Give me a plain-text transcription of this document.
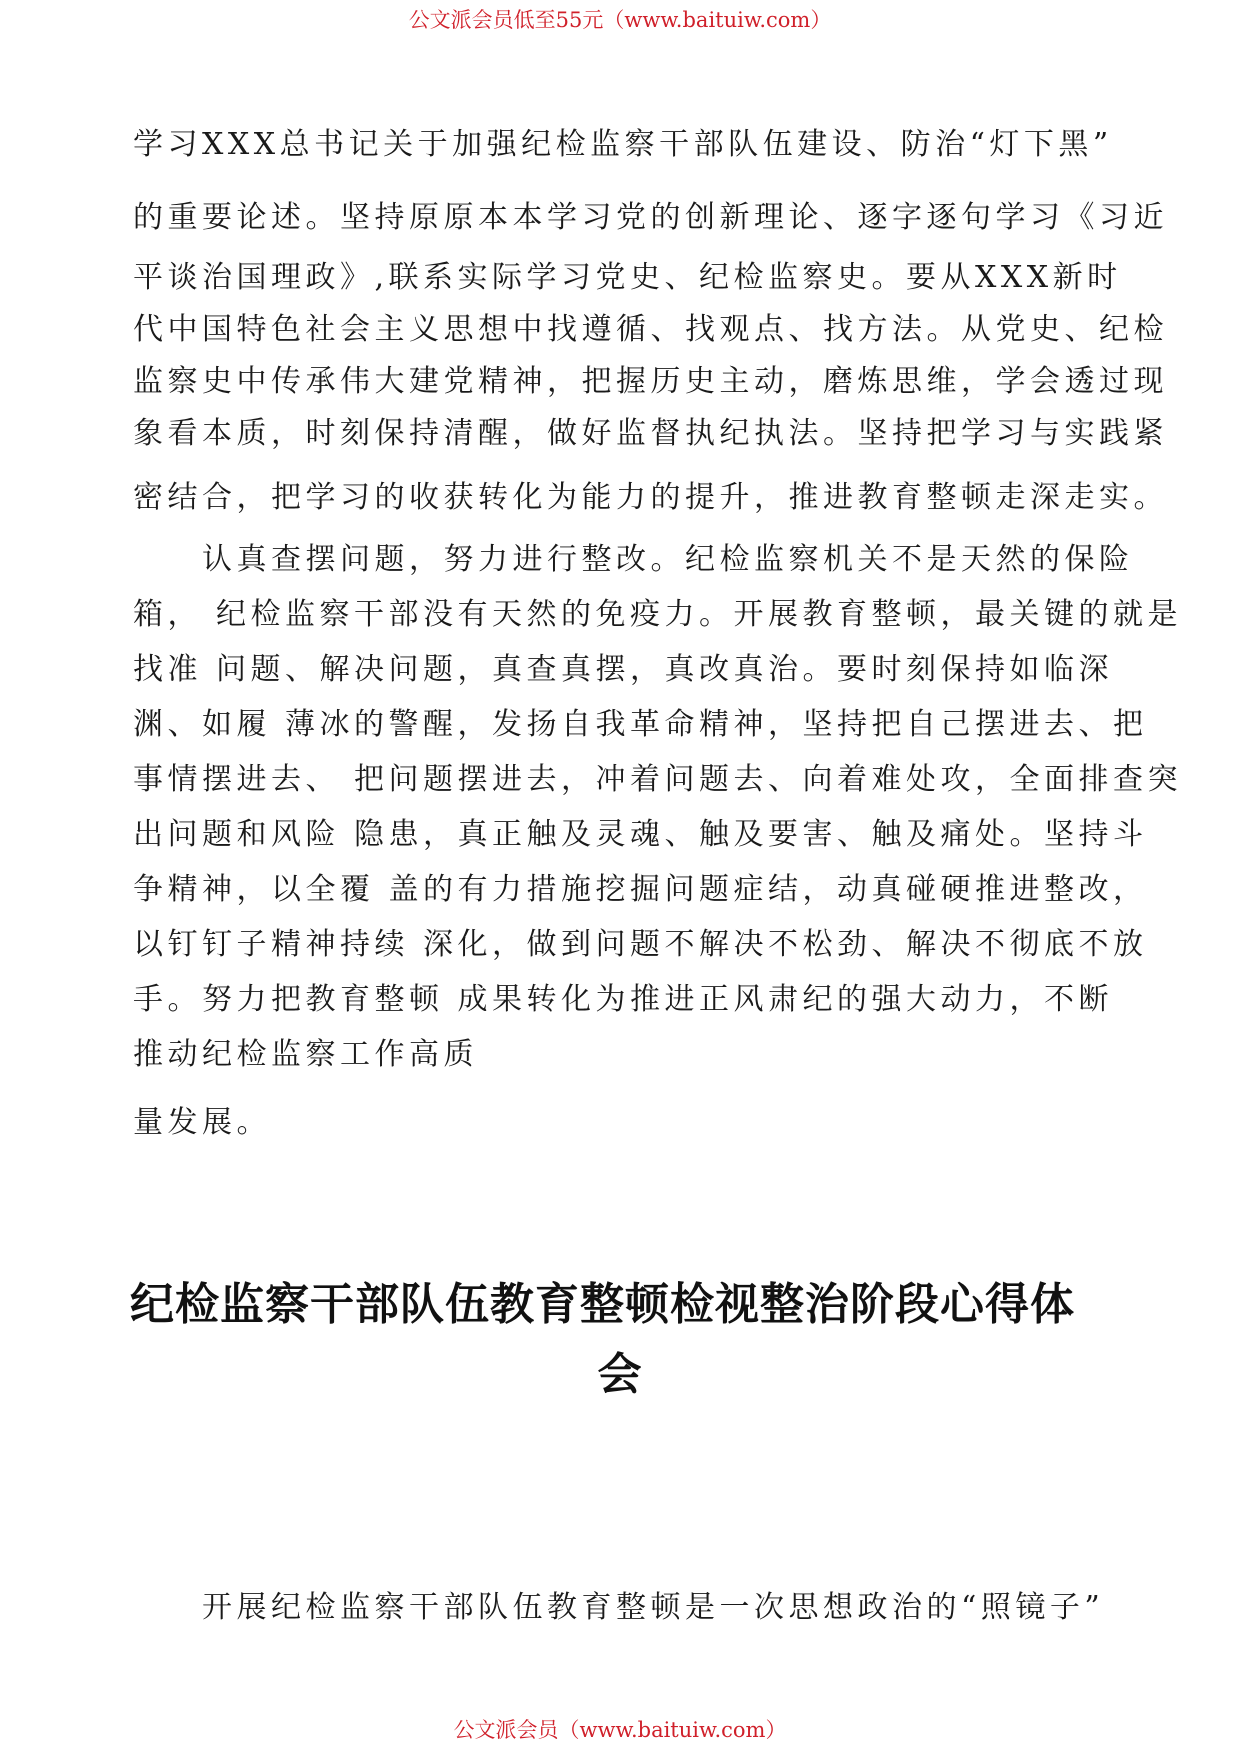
公文派会员低至55元（www.baituiw.com）
学习XXX总书记关于加强纪检监察干部队伍建设、防治“灯下黑”
的重要论述。坚持原原本本学习党的创新理论、逐字逐句学习《习近
平谈治国理政》,联系实际学习党史、纪检监察史。要从XXX新时
代中国特色社会主义思想中找遵循、找观点、找方法。从党史、纪检
监察史中传承伟大建党精神，把握历史主动，磨炼思维，学会透过现
象看本质，时刻保持清醒，做好监督执纪执法。坚持把学习与实践紧
密结合，把学习的收获转化为能力的提升，推进教育整顿走深走实。
　　认真查摆问题，努力进行整改。纪检监察机关不是天然的保险
箱， 纪检监察干部没有天然的免疫力。开展教育整顿，最关键的就是
找准 问题、解决问题，真查真摆，真改真治。要时刻保持如临深
渊、如履 薄冰的警醒，发扬自我革命精神，坚持把自己摆进去、把
事情摆进去、 把问题摆进去，冲着问题去、向着难处攻，全面排查突
出问题和风险 隐患，真正触及灵魂、触及要害、触及痛处。坚持斗
争精神，以全覆 盖的有力措施挖掘问题症结，动真碰硬推进整改，
以钉钉子精神持续 深化，做到问题不解决不松劲、解决不彻底不放
手。努力把教育整顿 成果转化为推进正风肃纪的强大动力，不断
推动纪检监察工作高质
量发展。
纪检监察干部队伍教育整顿检视整治阶段心得体
会
　　开展纪检监察干部队伍教育整顿是一次思想政治的“照镜子”
公文派会员（www.baituiw.com）
